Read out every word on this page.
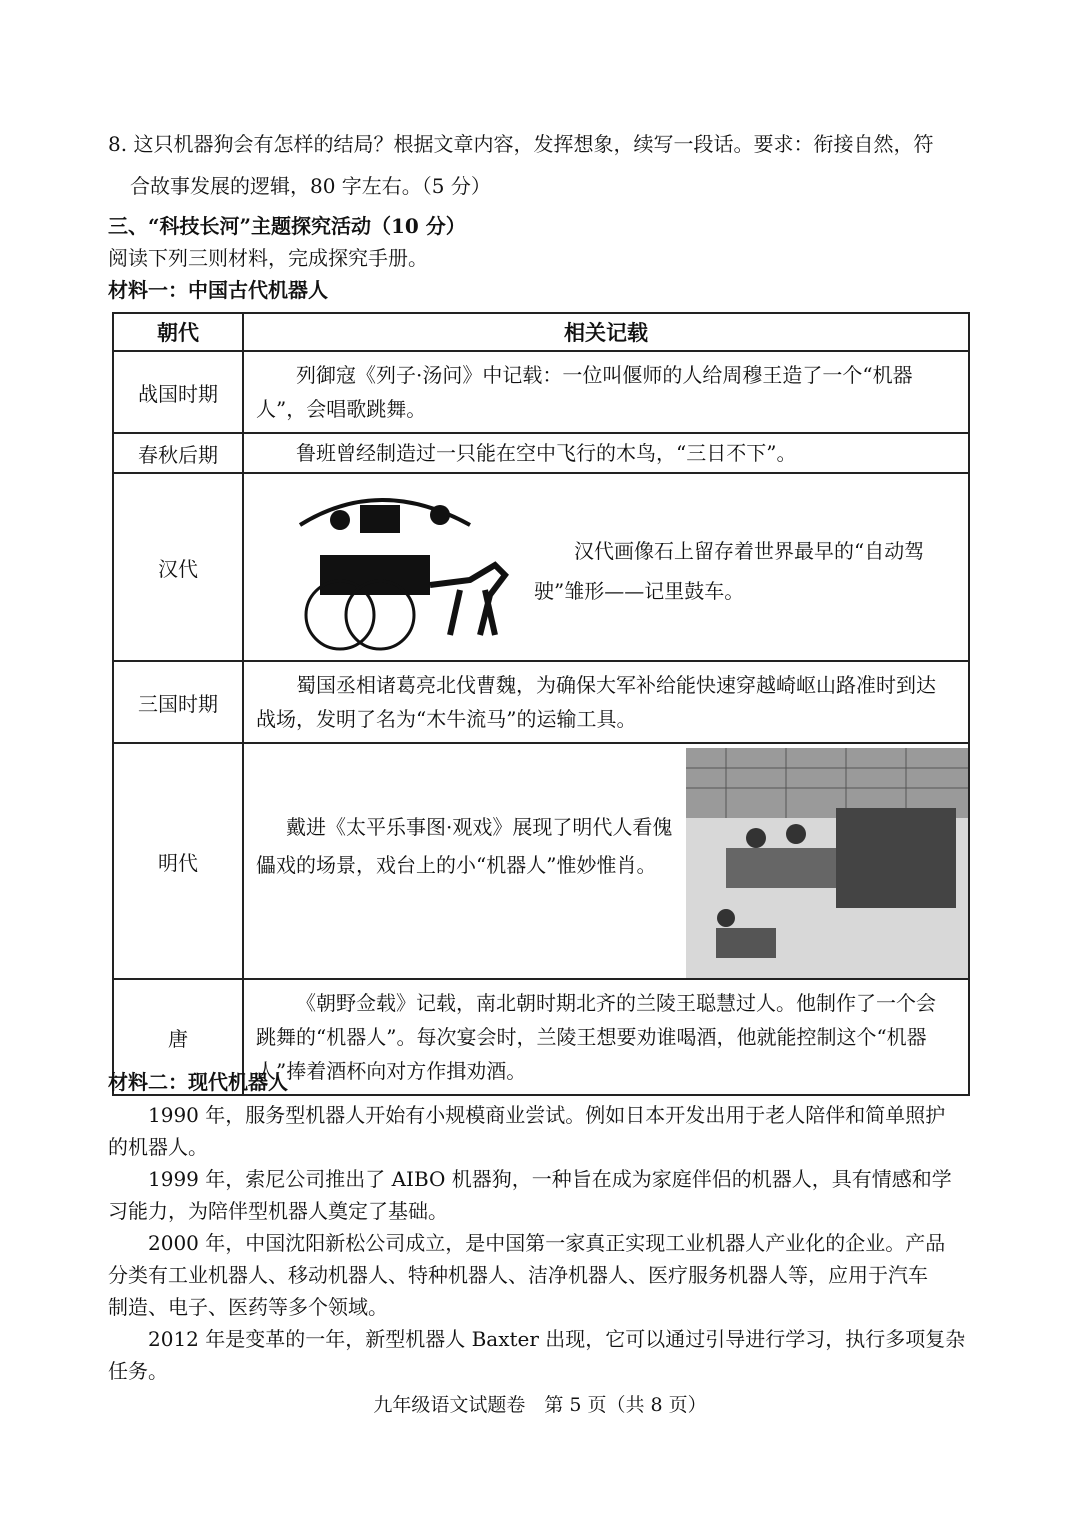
8. 这只机器狗会有怎样的结局？根据文章内容，发挥想象，续写一段话。要求：衔接自然，符
合故事发展的逻辑，80 字左右。（5 分）
三、“科技长河”主题探究活动（10 分）
阅读下列三则材料，完成探究手册。
材料一：中国古代机器人
朝代	相关记载
战国时期	列御寇《列子·汤问》中记载：一位叫偃师的人给周穆王造了一个“机器人”，会唱歌跳舞。

春秋后期	鲁班曾经制造过一只能在空中飞行的木鸟，“三日不下”。

汉代	汉代画像石上留存着世界最早的“自动驾驶”雏形——记里鼓车。

三国时期	蜀国丞相诸葛亮北伐曹魏，为确保大军补给能快速穿越崎岖山路准时到达战场，发明了名为“木牛流马”的运输工具。

明代	戴进《太平乐事图·观戏》展现了明代人看傀儡戏的场景，戏台上的小“机器人”惟妙惟肖。

唐	《朝野佥载》记载，南北朝时期北齐的兰陵王聪慧过人。他制作了一个会跳舞的“机器人”。每次宴会时，兰陵王想要劝谁喝酒，他就能控制这个“机器人”捧着酒杯向对方作揖劝酒。
材料二：现代机器人
1990 年，服务型机器人开始有小规模商业尝试。例如日本开发出用于老人陪伴和简单照护
的机器人。
1999 年，索尼公司推出了 AIBO 机器狗，一种旨在成为家庭伴侣的机器人，具有情感和学
习能力，为陪伴型机器人奠定了基础。
2000 年，中国沈阳新松公司成立，是中国第一家真正实现工业机器人产业化的企业。产品
分类有工业机器人、移动机器人、特种机器人、洁净机器人、医疗服务机器人等，应用于汽车
制造、电子、医药等多个领域。
2012 年是变革的一年，新型机器人 Baxter 出现，它可以通过引导进行学习，执行多项复杂
任务。
九年级语文试题卷　第 5 页（共 8 页）
